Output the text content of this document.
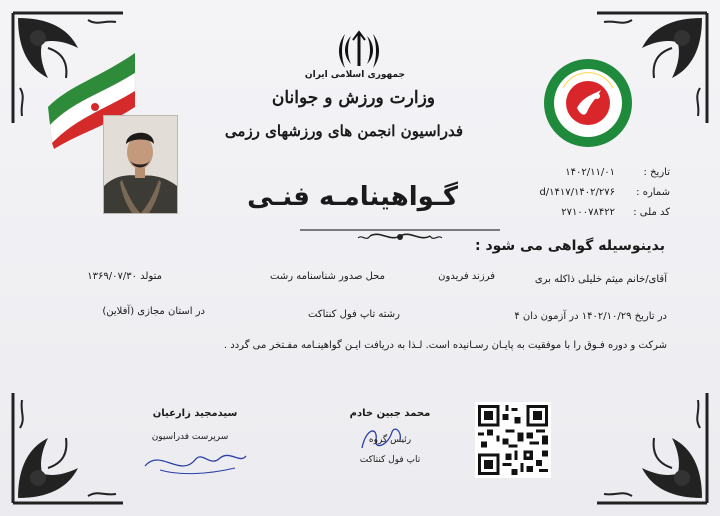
جمهوری اسلامی ایران
وزارت ورزش و جوانان
فدراسیون انجمن های ورزشهای رزمی
گـواهینامـه فنـی
تاریخ :
۱۴۰۲/۱۱/۰۱
شماره :
۱۴۰۲/۲۷۶/d/۱۴۱۷
کد ملی :
۲۷۱۰۰۷۸۴۲۲
بدینوسیله گواهی می شود :
آقای/خانم میثم خلیلی ذاکله بری
فرزند فریدون
محل صدور شناسنامه رشت
متولد ۱۳۶۹/۰۷/۳۰
در تاریخ ۱۴۰۲/۱۰/۲۹ در آزمون دان ۴
رشته تاپ فول کنتاکت
در استان مجازی (آفلاین)
شرکت و دوره فـوق را با موفقیت به پایـان رسـانیده است. لـذا به دریافت ایـن گواهینـامه مفـتخر می گردد .
سیدمجید زارعیان
سرپرست فدراسیون
محمد جبین خادم
رئیس گروه
تاپ فول کنتاکت
